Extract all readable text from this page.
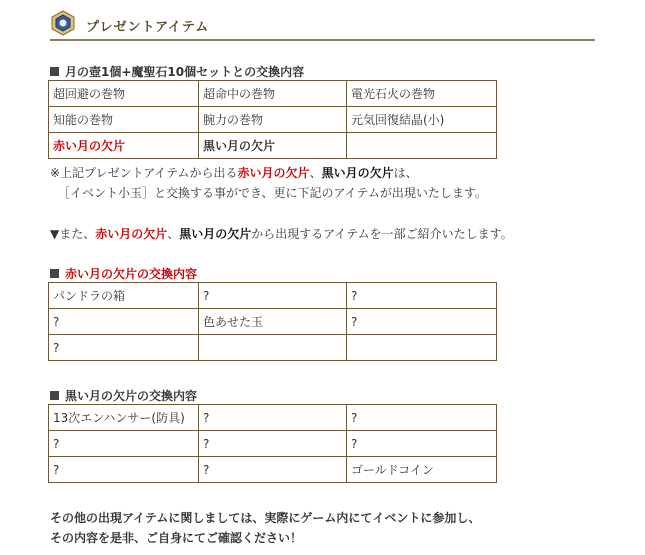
プレゼントアイテム
月の壺1個+魔聖石10個セットとの交換内容
超回避の巻物	超命中の巻物	電光石火の巻物
知能の巻物	腕力の巻物	元気回復結晶(小)
赤い月の欠片	黒い月の欠片	
※上記プレゼントアイテムから出る赤い月の欠片、黒い月の欠片は、
［イベント小玉］と交換する事ができ、更に下記のアイテムが出現いたします。
▼また、赤い月の欠片、黒い月の欠片から出現するアイテムを一部ご紹介いたします。
赤い月の欠片の交換内容
パンドラの箱	?	?
?	色あせた玉	?
?		
黒い月の欠片の交換内容
13次エンハンサー(防具)	?	?
?	?	?
?	?	ゴールドコイン
その他の出現アイテムに関しましては、実際にゲーム内にてイベントに参加し、
その内容を是非、ご自身にてご確認ください！
